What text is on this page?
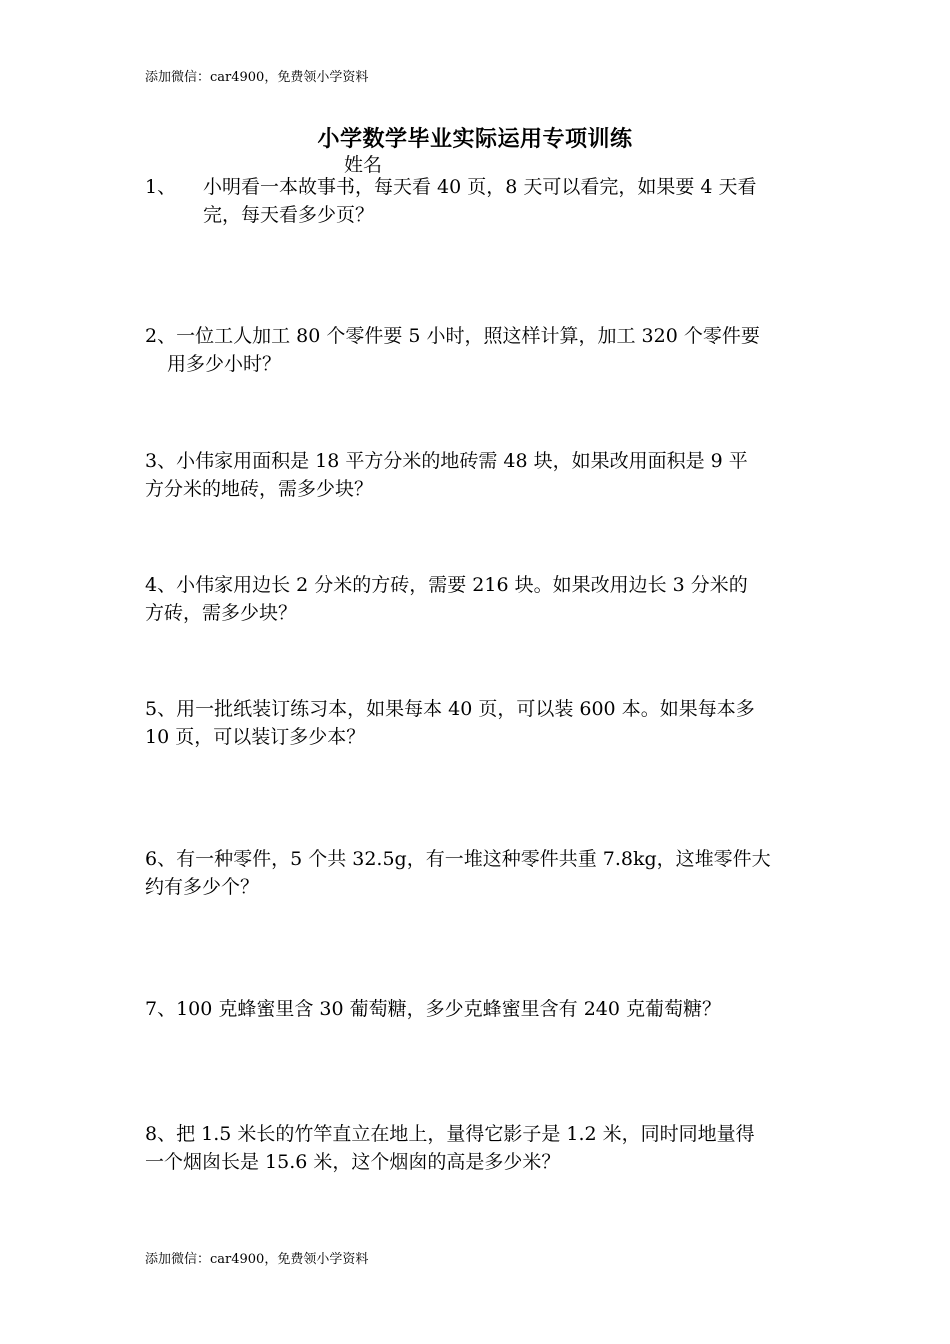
添加微信：car4900，免费领小学资料
小学数学毕业实际运用专项训练
姓名
1、 小明看一本故事书，每天看 40 页，8 天可以看完，如果要 4 天看
完，每天看多少页？
2、一位工人加工 80 个零件要 5 小时，照这样计算，加工 320 个零件要
用多少小时？
3、小伟家用面积是 18 平方分米的地砖需 48 块，如果改用面积是 9 平
方分米的地砖，需多少块？
4、小伟家用边长 2 分米的方砖，需要 216 块。如果改用边长 3 分米的
方砖，需多少块？
5、用一批纸装订练习本，如果每本 40 页，可以装 600 本。如果每本多
10 页，可以装订多少本？
6、有一种零件，5 个共 32.5g，有一堆这种零件共重 7.8kg，这堆零件大
约有多少个？
7、100 克蜂蜜里含 30 葡萄糖，多少克蜂蜜里含有 240 克葡萄糖？
8、把 1.5 米长的竹竿直立在地上，量得它影子是 1.2 米，同时同地量得
一个烟囱长是 15.6 米，这个烟囱的高是多少米？
添加微信：car4900，免费领小学资料
